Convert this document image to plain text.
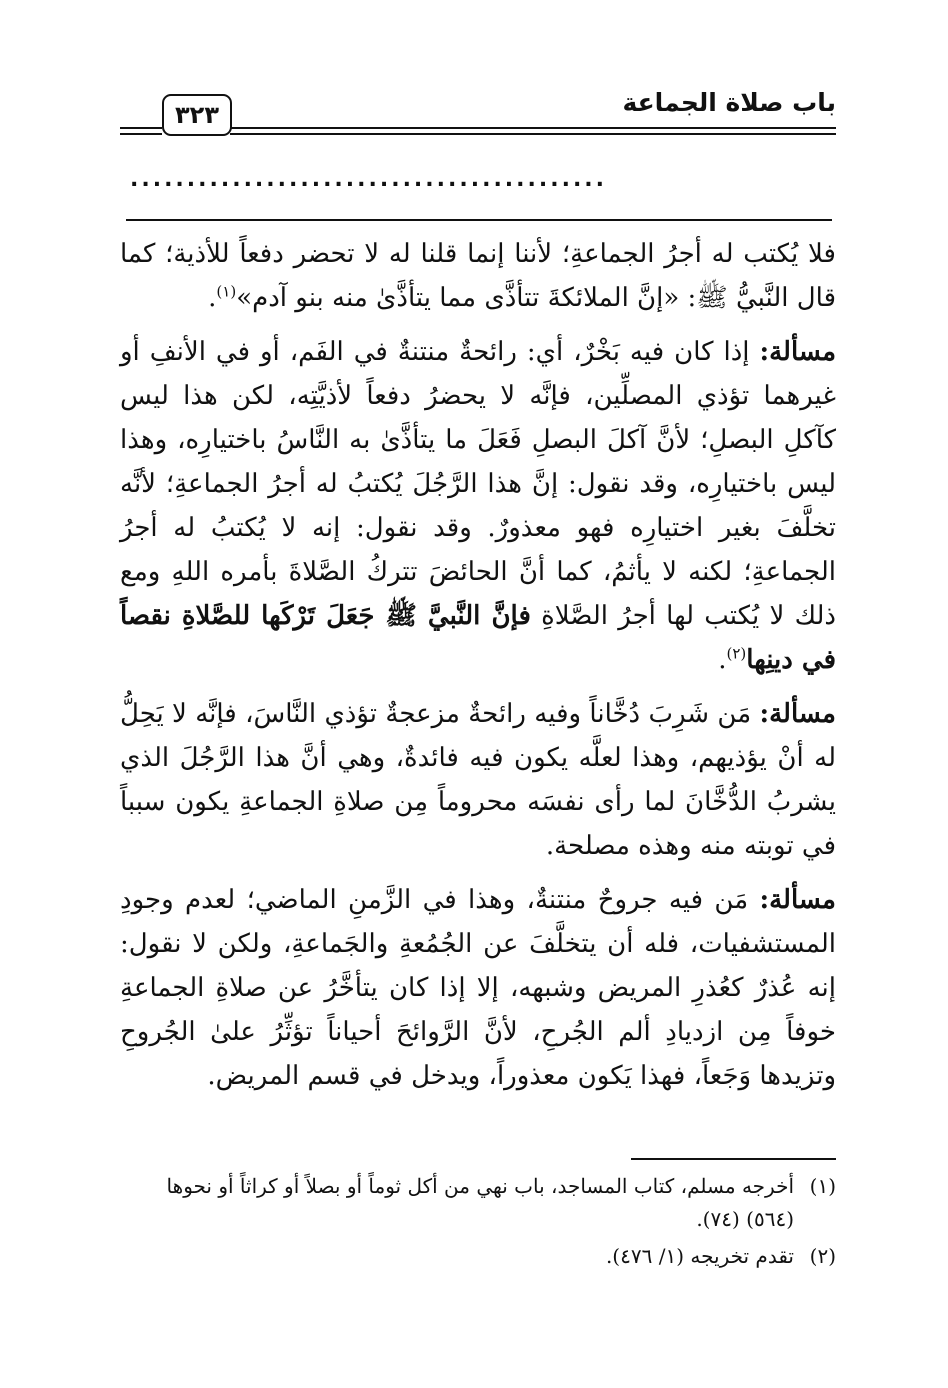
باب صلاة الجماعة
٣٢٣
..........................................

فلا يُكتب له أجرُ الجماعةِ؛ لأننا إنما قلنا له لا تحضر دفعاً للأذية؛ كما قال النَّبيُّ ﷺ: «إنَّ الملائكةَ تتأذَّى مما يتأذَّىٰ منه بنو آدم»$^{(١)}$.

مسألة: إذا كان فيه بَخْرٌ، أي: رائحةٌ منتنةٌ في الفَم، أو في الأنفِ أو غيرهما تؤذي المصلِّين، فإنَّه لا يحضرُ دفعاً لأذيَّتِه، لكن هذا ليس كآكلِ البصلِ؛ لأنَّ آكلَ البصلِ فَعَلَ ما يتأذَّىٰ به النَّاسُ باختيارِه، وهذا ليس باختيارِه، وقد نقول: إنَّ هذا الرَّجُلَ يُكتبُ له أجرُ الجماعةِ؛ لأنَّه تخلَّفَ بغير اختيارِه فهو معذورٌ. وقد نقول: إنه لا يُكتبُ له أجرُ الجماعةِ؛ لكنه لا يأثمُ، كما أنَّ الحائضَ تتركُ الصَّلاةَ بأمره اللهِ ومع ذلك لا يُكتب لها أجرُ الصَّلاةِ فإنَّ النَّبيَّ ﷺ جَعَلَ تَرْكَها للصَّلاةِ نقصاً في دينِها$^{(٢)}$.

مسألة: مَن شَرِبَ دُخَّاناً وفيه رائحةٌ مزعجةٌ تؤذي النَّاسَ، فإنَّه لا يَحِلُّ له أنْ يؤذيهم، وهذا لعلَّه يكون فيه فائدةٌ، وهي أنَّ هذا الرَّجُلَ الذي يشربُ الدُّخَّانَ لما رأى نفسَه محروماً مِن صلاةِ الجماعةِ يكون سبباً في توبته منه وهذه مصلحة.

مسألة: مَن فيه جروحٌ منتنةٌ، وهذا في الزَّمنِ الماضي؛ لعدم وجودِ المستشفيات، فله أن يتخلَّفَ عن الجُمُعةِ والجَماعةِ، ولكن لا نقول: إنه عُذرٌ كعُذرِ المريض وشبهه، إلا إذا كان يتأخَّرُ عن صلاةِ الجماعةِ خوفاً مِن ازديادِ ألم الجُرحِ، لأنَّ الرَّوائحَ أحياناً تؤثِّرُ علىٰ الجُروحِ وتزيدها وَجَعاً، فهذا يَكون معذوراً، ويدخل في قسم المريض.

(١)
أخرجه مسلم، كتاب المساجد، باب نهي من أكل ثوماً أو بصلاً أو كراثاً أو نحوها (٥٦٤) (٧٤).
(٢)
تقدم تخريجه (١/ ٤٧٦).
